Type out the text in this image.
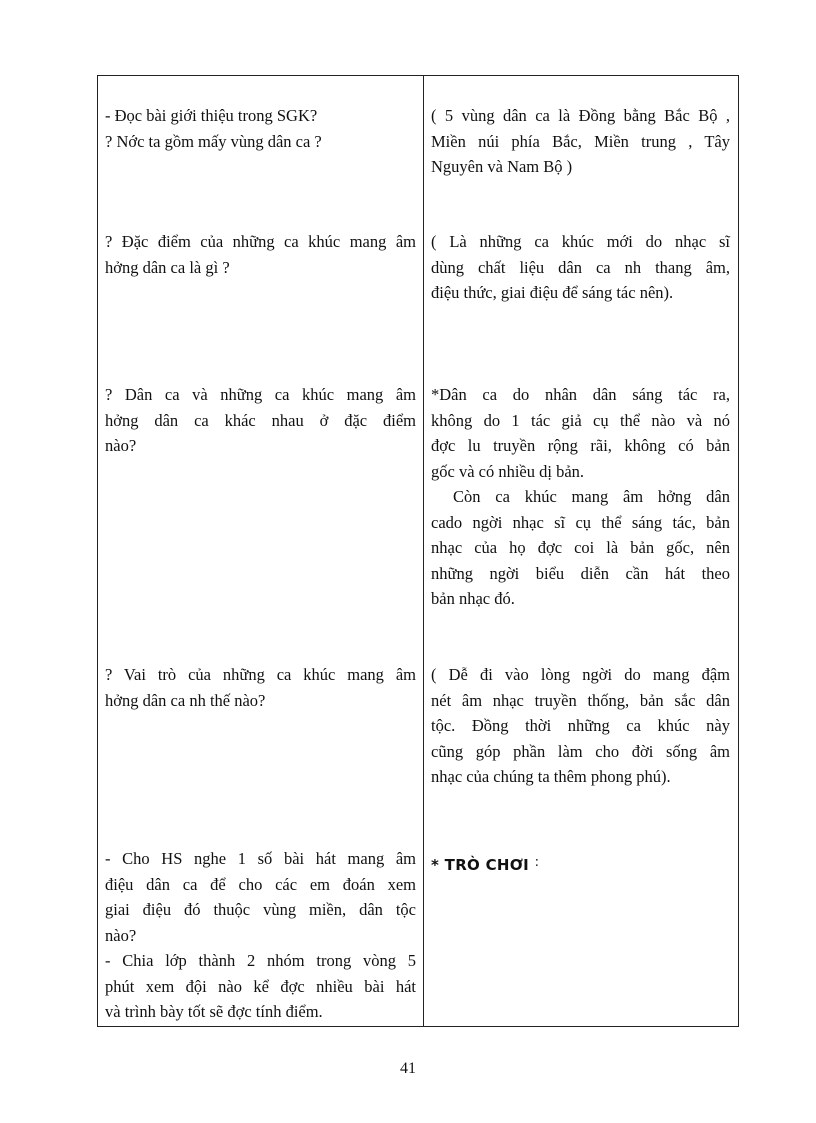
- Đọc bài giới thiệu trong SGK?
? Nớc ta gồm mấy vùng dân ca ?
? Đặc điểm của những ca khúc mang âm
hởng dân ca là gì ?
? Dân ca và những ca khúc mang âm
hởng dân ca khác nhau ở đặc điểm
nào?
? Vai trò của những ca khúc mang âm
hởng dân ca nh thế nào?
- Cho HS nghe 1 số bài hát mang âm
điệu dân ca để cho các em đoán xem
giai điệu đó thuộc vùng miền, dân tộc
nào?
- Chia lớp thành 2 nhóm trong vòng 5
phút xem đội nào kể đợc nhiều bài hát
và trình bày tốt sẽ đợc tính điểm.
( 5 vùng dân ca là Đồng bằng Bắc Bộ ,
Miền núi phía Bắc, Miền trung , Tây
Nguyên và Nam Bộ )
( Là những ca khúc mới do nhạc sĩ
dùng chất liệu dân ca nh thang âm,
điệu thức, giai điệu để sáng tác nên).
*Dân ca do nhân dân sáng tác ra,
không do 1 tác giả cụ thể nào và nó
đợc lu truyền rộng rãi, không có bản
gốc và có nhiều dị bản.
Còn ca khúc mang âm hởng dân
cado ngời nhạc sĩ cụ thể sáng tác, bản
nhạc của họ đợc coi là bản gốc, nên
những ngời biểu diễn cần hát theo
bản nhạc đó.
( Dễ đi vào lòng ngời do mang đậm
nét âm nhạc truyền thống, bản sắc dân
tộc. Đồng thời những ca khúc này
cũng góp phần làm cho đời sống âm
nhạc của chúng ta thêm phong phú).
* TRÒ CHƠI :
41
